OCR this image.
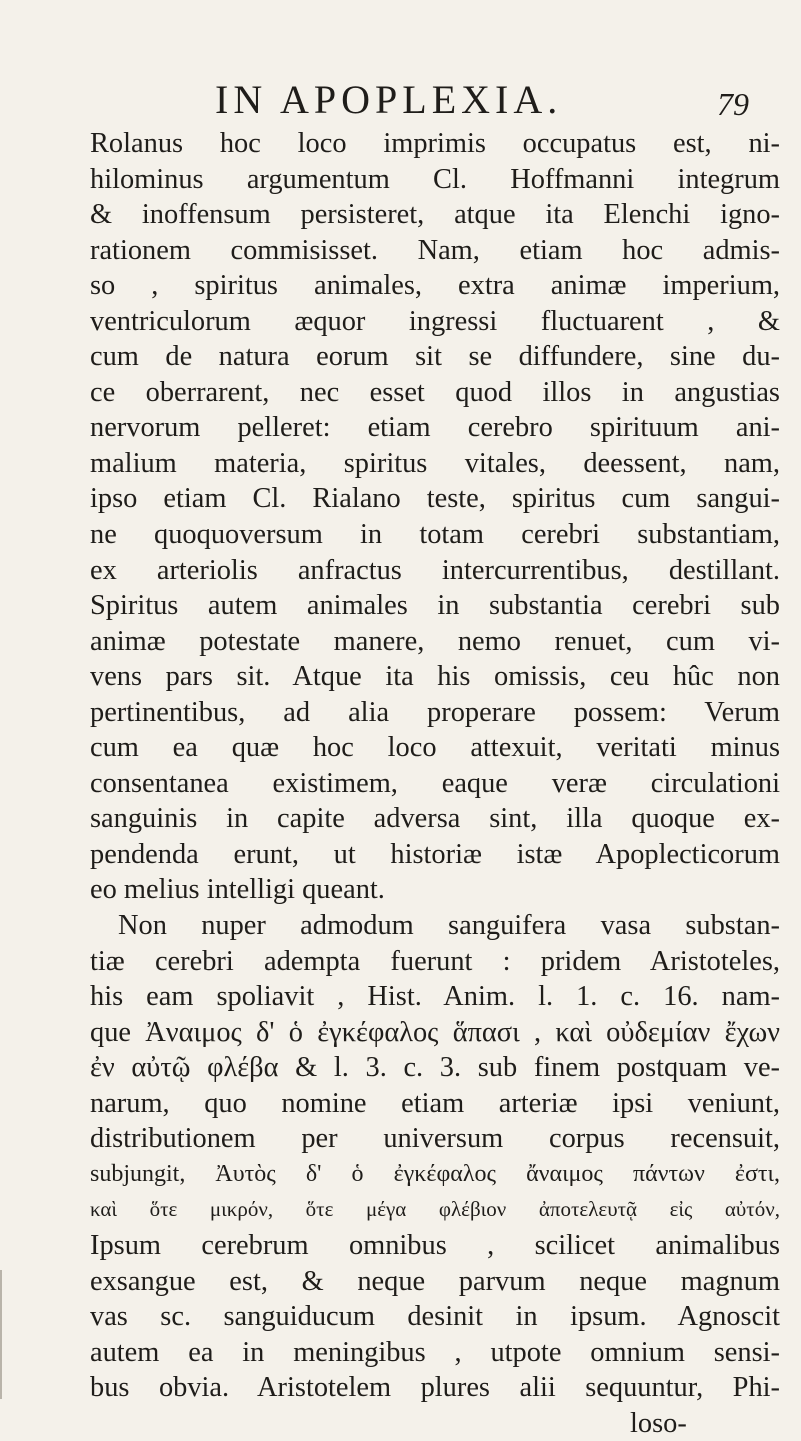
IN APOPLEXIA.	79
Rolanus hoc loco imprimis occupatus est, ni-
hilominus argumentum Cl. Hoffmanni integrum
& inoffensum persisteret, atque ita Elenchi igno-
rationem commisisset. Nam, etiam hoc admis-
so , spiritus animales, extra animæ imperium,
ventriculorum æquor ingressi fluctuarent , &
cum de natura eorum sit se diffundere, sine du-
ce oberrarent, nec esset quod illos in angustias
nervorum pelleret: etiam cerebro spirituum ani-
malium materia, spiritus vitales, deessent, nam,
ipso etiam Cl. Rialano teste, spiritus cum sangui-
ne quoquoversum in totam cerebri substantiam,
ex arteriolis anfractus intercurrentibus, destillant.
Spiritus autem animales in substantia cerebri sub
animæ potestate manere, nemo renuet, cum vi-
vens pars sit. Atque ita his omissis, ceu hûc non
pertinentibus, ad alia properare possem: Verum
cum ea quæ hoc loco attexuit, veritati minus
consentanea existimem, eaque veræ circulationi
sanguinis in capite adversa sint, illa quoque ex-
pendenda erunt, ut historiæ istæ Apoplecticorum
eo melius intelligi queant.
Non nuper admodum sanguifera vasa substan-
tiæ cerebri adempta fuerunt : pridem Aristoteles,
his eam spoliavit , Hist. Anim. l. 1. c. 16. nam-
que Ἀναιμος δ' ὁ ἐγκέφαλος ἅπασι , καὶ οὐδεμίαν ἔχων
ἐν αὐτῷ φλέβα & l. 3. c. 3. sub finem postquam ve-
narum, quo nomine etiam arteriæ ipsi veniunt,
distributionem per universum corpus recensuit,
subjungit, Ἀυτὸς δ' ὁ ἐγκέφαλος ἄναιμος πάντων ἐστι,
καὶ ὅτε μικρόν, ὅτε μέγα φλέβιον ἀποτελευτᾷ εἰς αὐτόν,
Ipsum cerebrum omnibus , scilicet animalibus
exsangue est, & neque parvum neque magnum
vas sc. sanguiducum desinit in ipsum. Agnoscit
autem ea in meningibus , utpote omnium sensi-
bus obvia. Aristotelem plures alii sequuntur, Phi-
loso-
